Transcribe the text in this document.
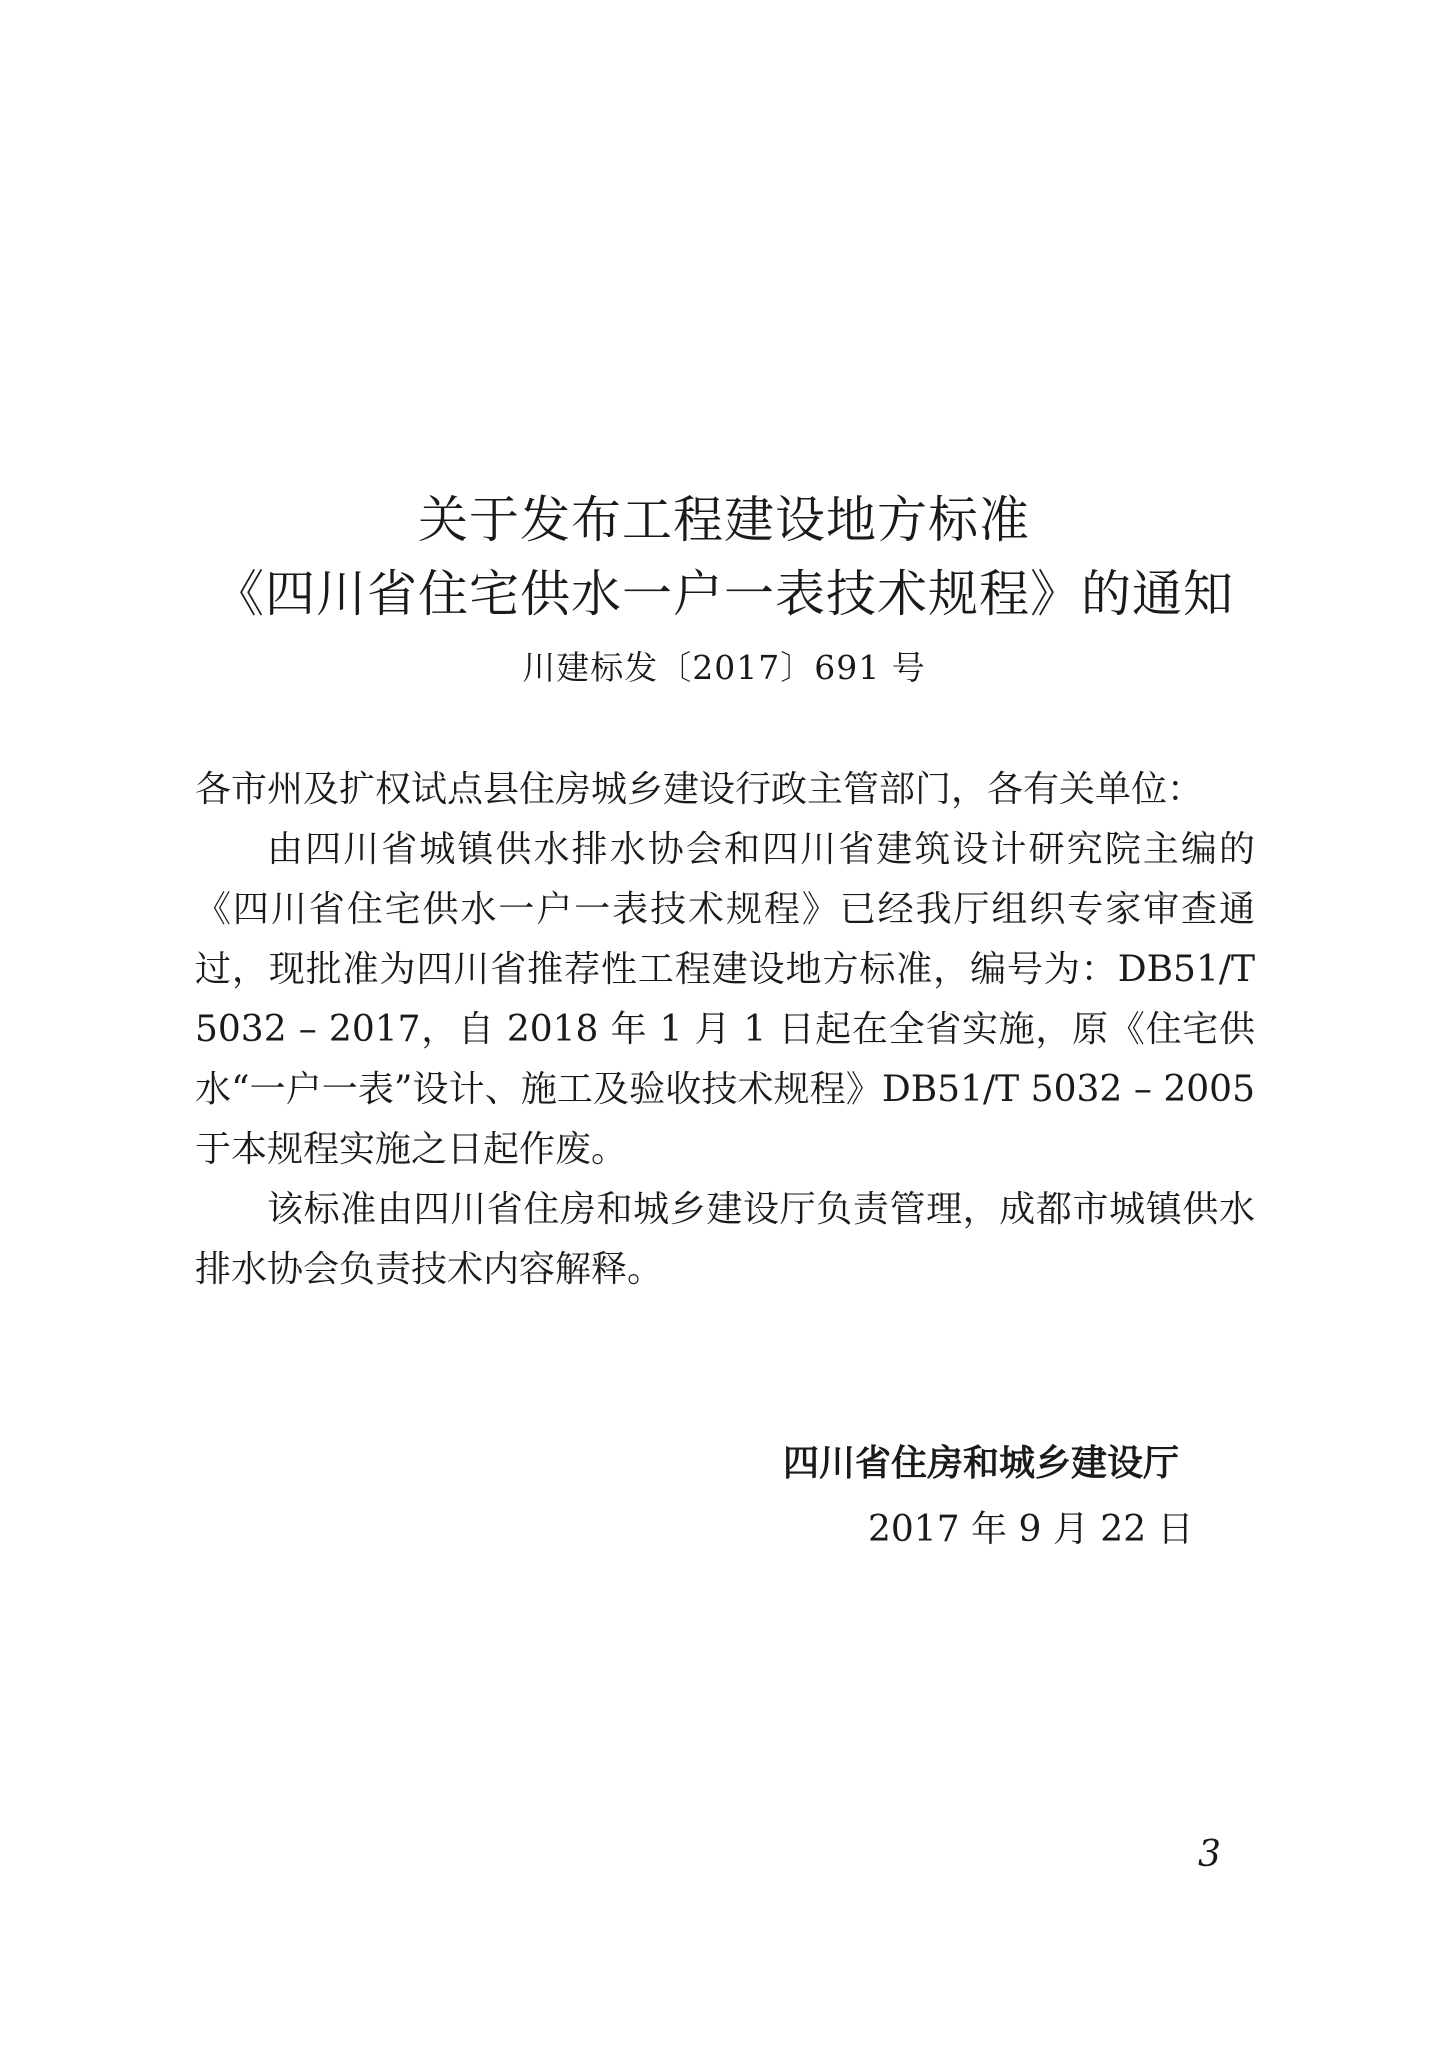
关于发布工程建设地方标准
《四川省住宅供水一户一表技术规程》的通知
川建标发〔2017〕691 号
各市州及扩权试点县住房城乡建设行政主管部门，各有关单位：

由四川省城镇供水排水协会和四川省建筑设计研究院主编的《四川省住宅供水一户一表技术规程》已经我厅组织专家审查通过，现批准为四川省推荐性工程建设地方标准，编号为：DB51/T 5032 – 2017，自 2018 年 1 月 1 日起在全省实施，原《住宅供水“一户一表”设计、施工及验收技术规程》DB51/T 5032 – 2005 于本规程实施之日起作废。

该标准由四川省住房和城乡建设厅负责管理，成都市城镇供水排水协会负责技术内容解释。

四川省住房和城乡建设厅
2017 年 9 月 22 日
3
